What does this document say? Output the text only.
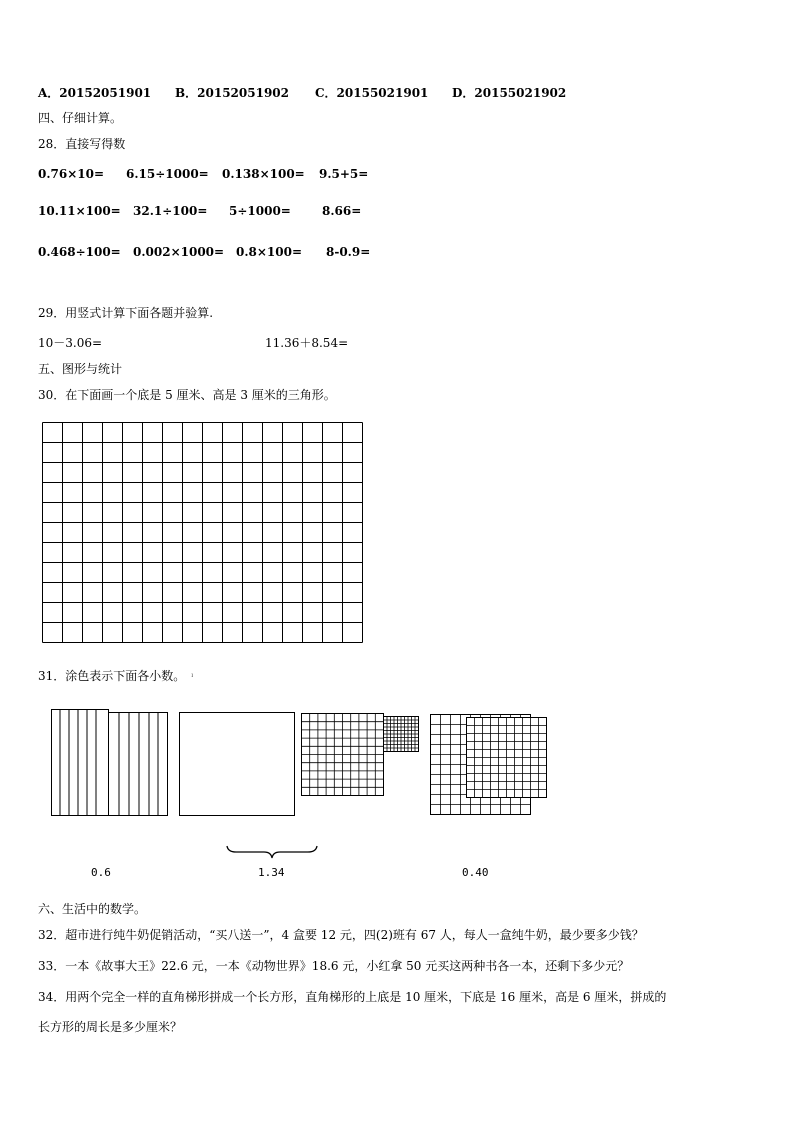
A．20152051901 B．20152051902 C．20155021901 D．20155021902
四、仔细计算。
28．直接写得数
0.76×10= 6.15÷1000= 0.138×100= 9.5+5=
10.11×100= 32.1÷100= 5÷1000=	8.66=
0.468÷100= 0.002×1000= 0.8×100= 8-0.9=
29．用竖式计算下面各题并验算.
10－3.06=	11.36＋8.54=
五、图形与统计
30．在下面画一个底是 5 厘米、高是 3 厘米的三角形。
31．涂色表示下面各小数。 ˡ
0.6	1.34	0.40
六、生活中的数学。
32．超市进行纯牛奶促销活动，“买八送一”，4 盒要 12 元，四(2)班有 67 人，每人一盒纯牛奶，最少要多少钱？
33．一本《故事大王》22.6 元，一本《动物世界》18.6 元，小红拿 50 元买这两种书各一本，还剩下多少元？
34．用两个完全一样的直角梯形拼成一个长方形，直角梯形的上底是 10 厘米，下底是 16 厘米，高是 6 厘米，拼成的
长方形的周长是多少厘米？
